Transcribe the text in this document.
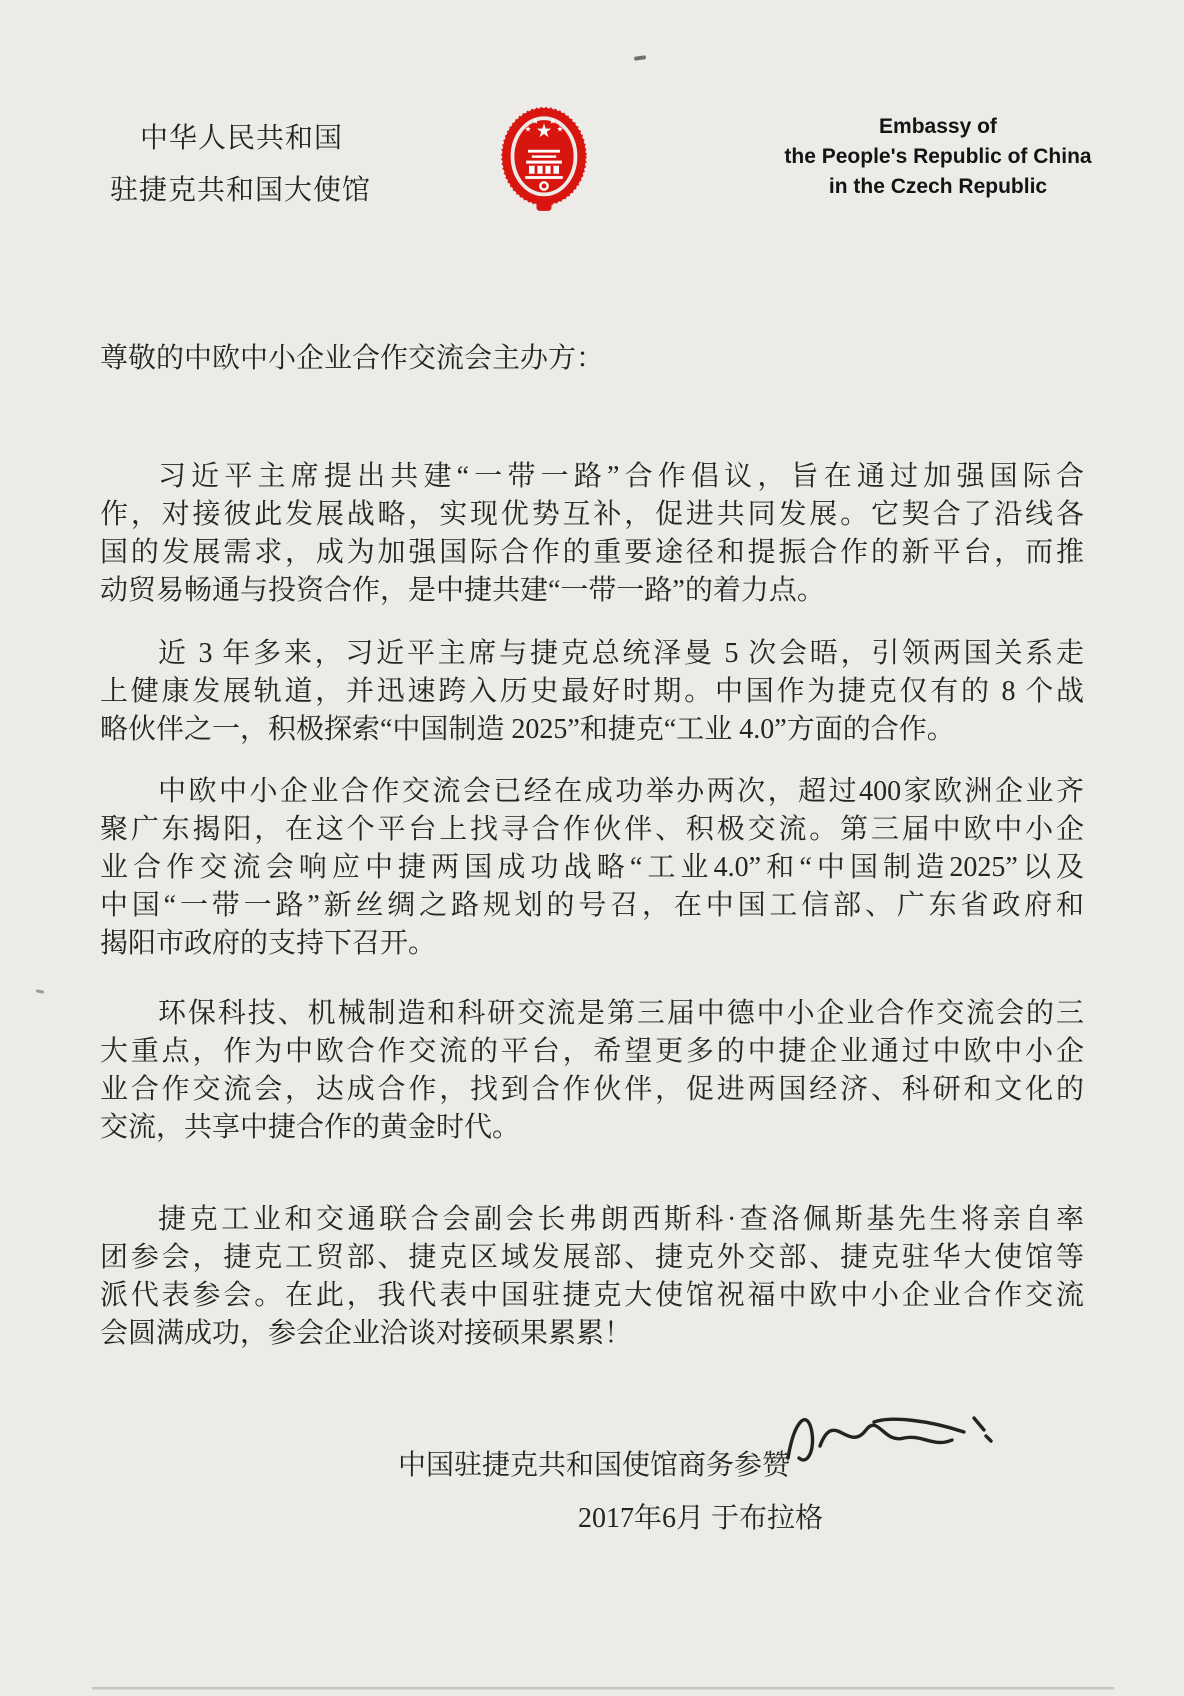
中华人民共和国
驻捷克共和国大使馆
Embassy of
the People's Republic of China
in the Czech Republic
尊敬的中欧中小企业合作交流会主办方：
习近平主席提出共建“一带一路”合作倡议，旨在通过加强国际合
作，对接彼此发展战略，实现优势互补，促进共同发展。它契合了沿线各
国的发展需求，成为加强国际合作的重要途径和提振合作的新平台，而推
动贸易畅通与投资合作，是中捷共建“一带一路”的着力点。
近 3 年多来，习近平主席与捷克总统泽曼 5 次会晤，引领两国关系走
上健康发展轨道，并迅速跨入历史最好时期。中国作为捷克仅有的 8 个战
略伙伴之一，积极探索“中国制造 2025”和捷克“工业 4.0”方面的合作。
中欧中小企业合作交流会已经在成功举办两次，超过400家欧洲企业齐
聚广东揭阳，在这个平台上找寻合作伙伴、积极交流。第三届中欧中小企
业合作交流会响应中捷两国成功战略“工业4.0”和“中国制造2025”以及
中国“一带一路”新丝绸之路规划的号召，在中国工信部、广东省政府和
揭阳市政府的支持下召开。
环保科技、机械制造和科研交流是第三届中德中小企业合作交流会的三
大重点，作为中欧合作交流的平台，希望更多的中捷企业通过中欧中小企
业合作交流会，达成合作，找到合作伙伴，促进两国经济、科研和文化的
交流，共享中捷合作的黄金时代。
捷克工业和交通联合会副会长弗朗西斯科·查洛佩斯基先生将亲自率
团参会，捷克工贸部、捷克区域发展部、捷克外交部、捷克驻华大使馆等
派代表参会。在此，我代表中国驻捷克大使馆祝福中欧中小企业合作交流
会圆满成功，参会企业洽谈对接硕果累累！
中国驻捷克共和国使馆商务参赞
2017年6月 于布拉格
